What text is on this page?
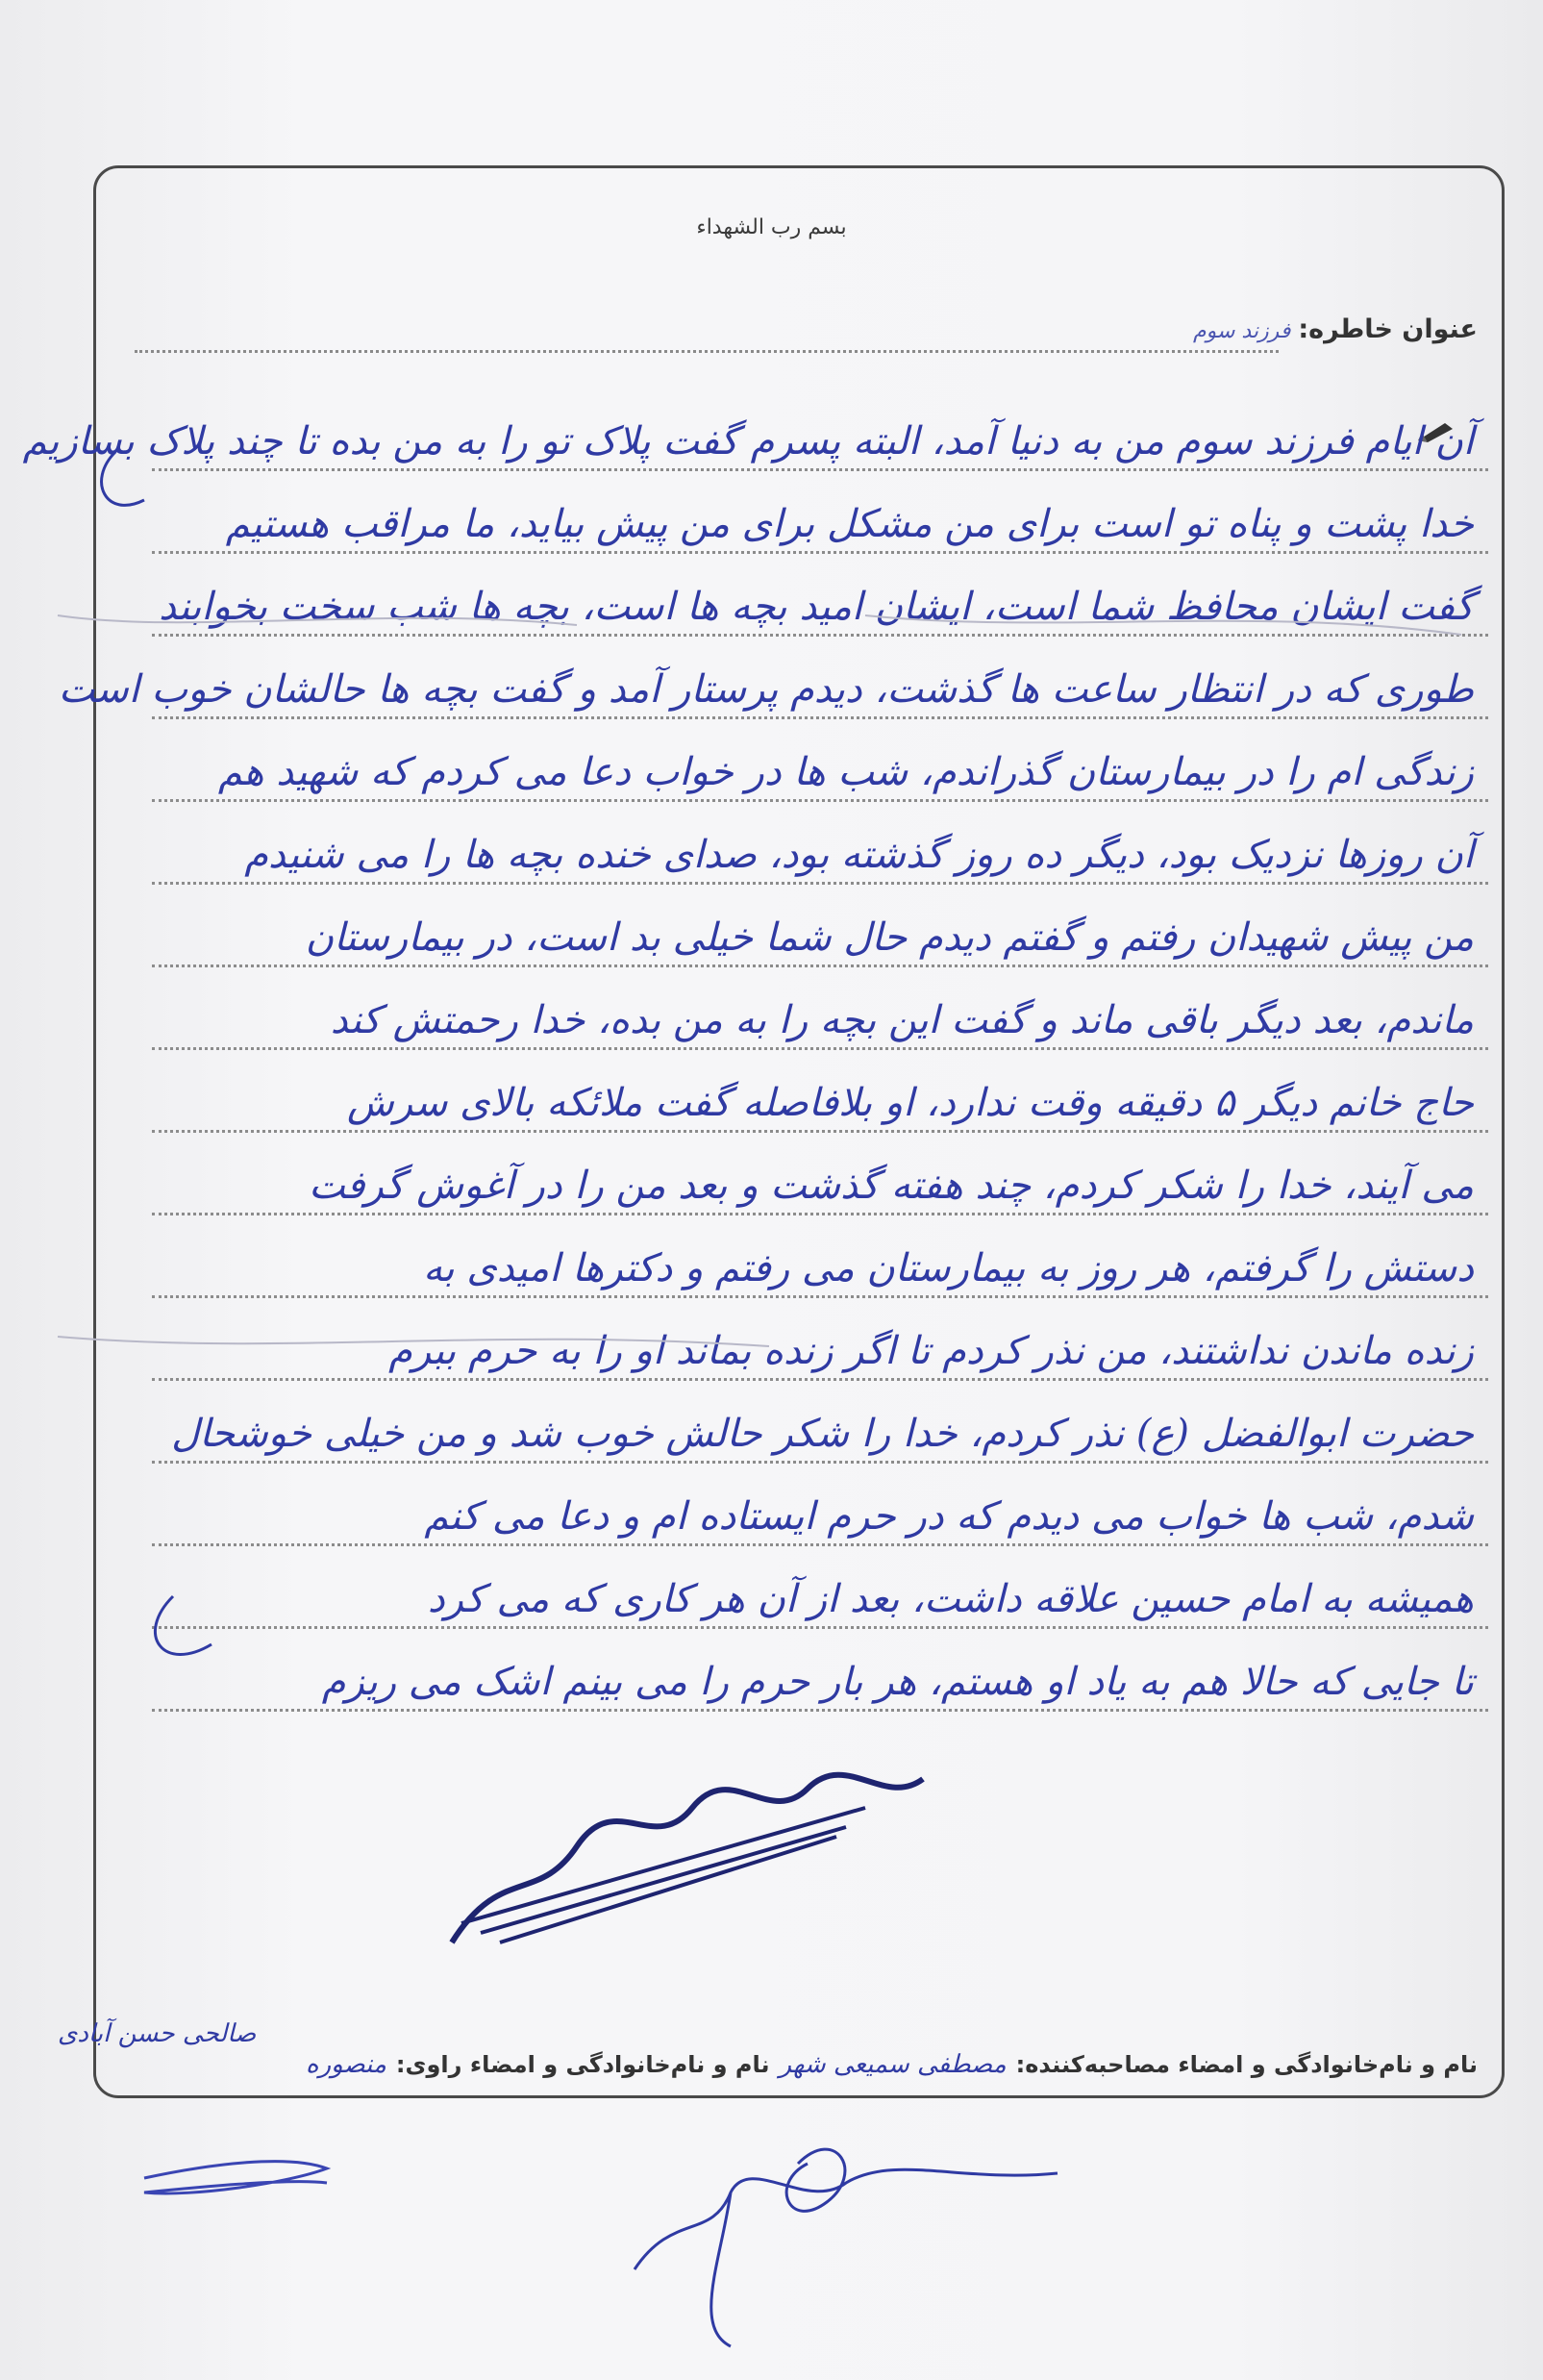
بسم رب الشهداء
عنوان خاطره:
فرزند سوم
آن ایام فرزند سوم من به دنیا آمد، البته پسرم گفت پلاک تو را به من بده تا چند پلاک بسازیم
خدا پشت و پناه تو است برای من مشکل برای من پیش بیاید، ما مراقب هستیم
گفت ایشان محافظ شما است، ایشان امید بچه ها است، بچه ها شب سخت بخوابند
طوری که در انتظار ساعت ها گذشت، دیدم پرستار آمد و گفت بچه ها حالشان خوب است
زندگی ام را در بیمارستان گذراندم، شب ها در خواب دعا می کردم که شهید هم
آن روزها نزدیک بود، دیگر ده روز گذشته بود، صدای خنده بچه ها را می شنیدم
من پیش شهیدان رفتم و گفتم دیدم حال شما خیلی بد است، در بیمارستان
ماندم، بعد دیگر باقی ماند و گفت این بچه را به من بده، خدا رحمتش کند
حاج خانم دیگر ۵ دقیقه وقت ندارد، او بلافاصله گفت ملائکه بالای سرش
می آیند، خدا را شکر کردم، چند هفته گذشت و بعد من را در آغوش گرفت
دستش را گرفتم، هر روز به بیمارستان می رفتم و دکترها امیدی به
زنده ماندن نداشتند، من نذر کردم تا اگر زنده بماند او را به حرم ببرم
حضرت ابوالفضل (ع) نذر کردم، خدا را شکر حالش خوب شد و من خیلی خوشحال
شدم، شب ها خواب می دیدم که در حرم ایستاده ام و دعا می کنم
همیشه به امام حسین علاقه داشت، بعد از آن هر کاری که می کرد
تا جایی که حالا هم به یاد او هستم، هر بار حرم را می بینم اشک می ریزم
نام و نام‌خانوادگی و امضاء مصاحبه‌کننده:
مصطفی سمیعی شهر
نام و نام‌خانوادگی و امضاء راوی:
منصوره
صالحی حسن آبادی
